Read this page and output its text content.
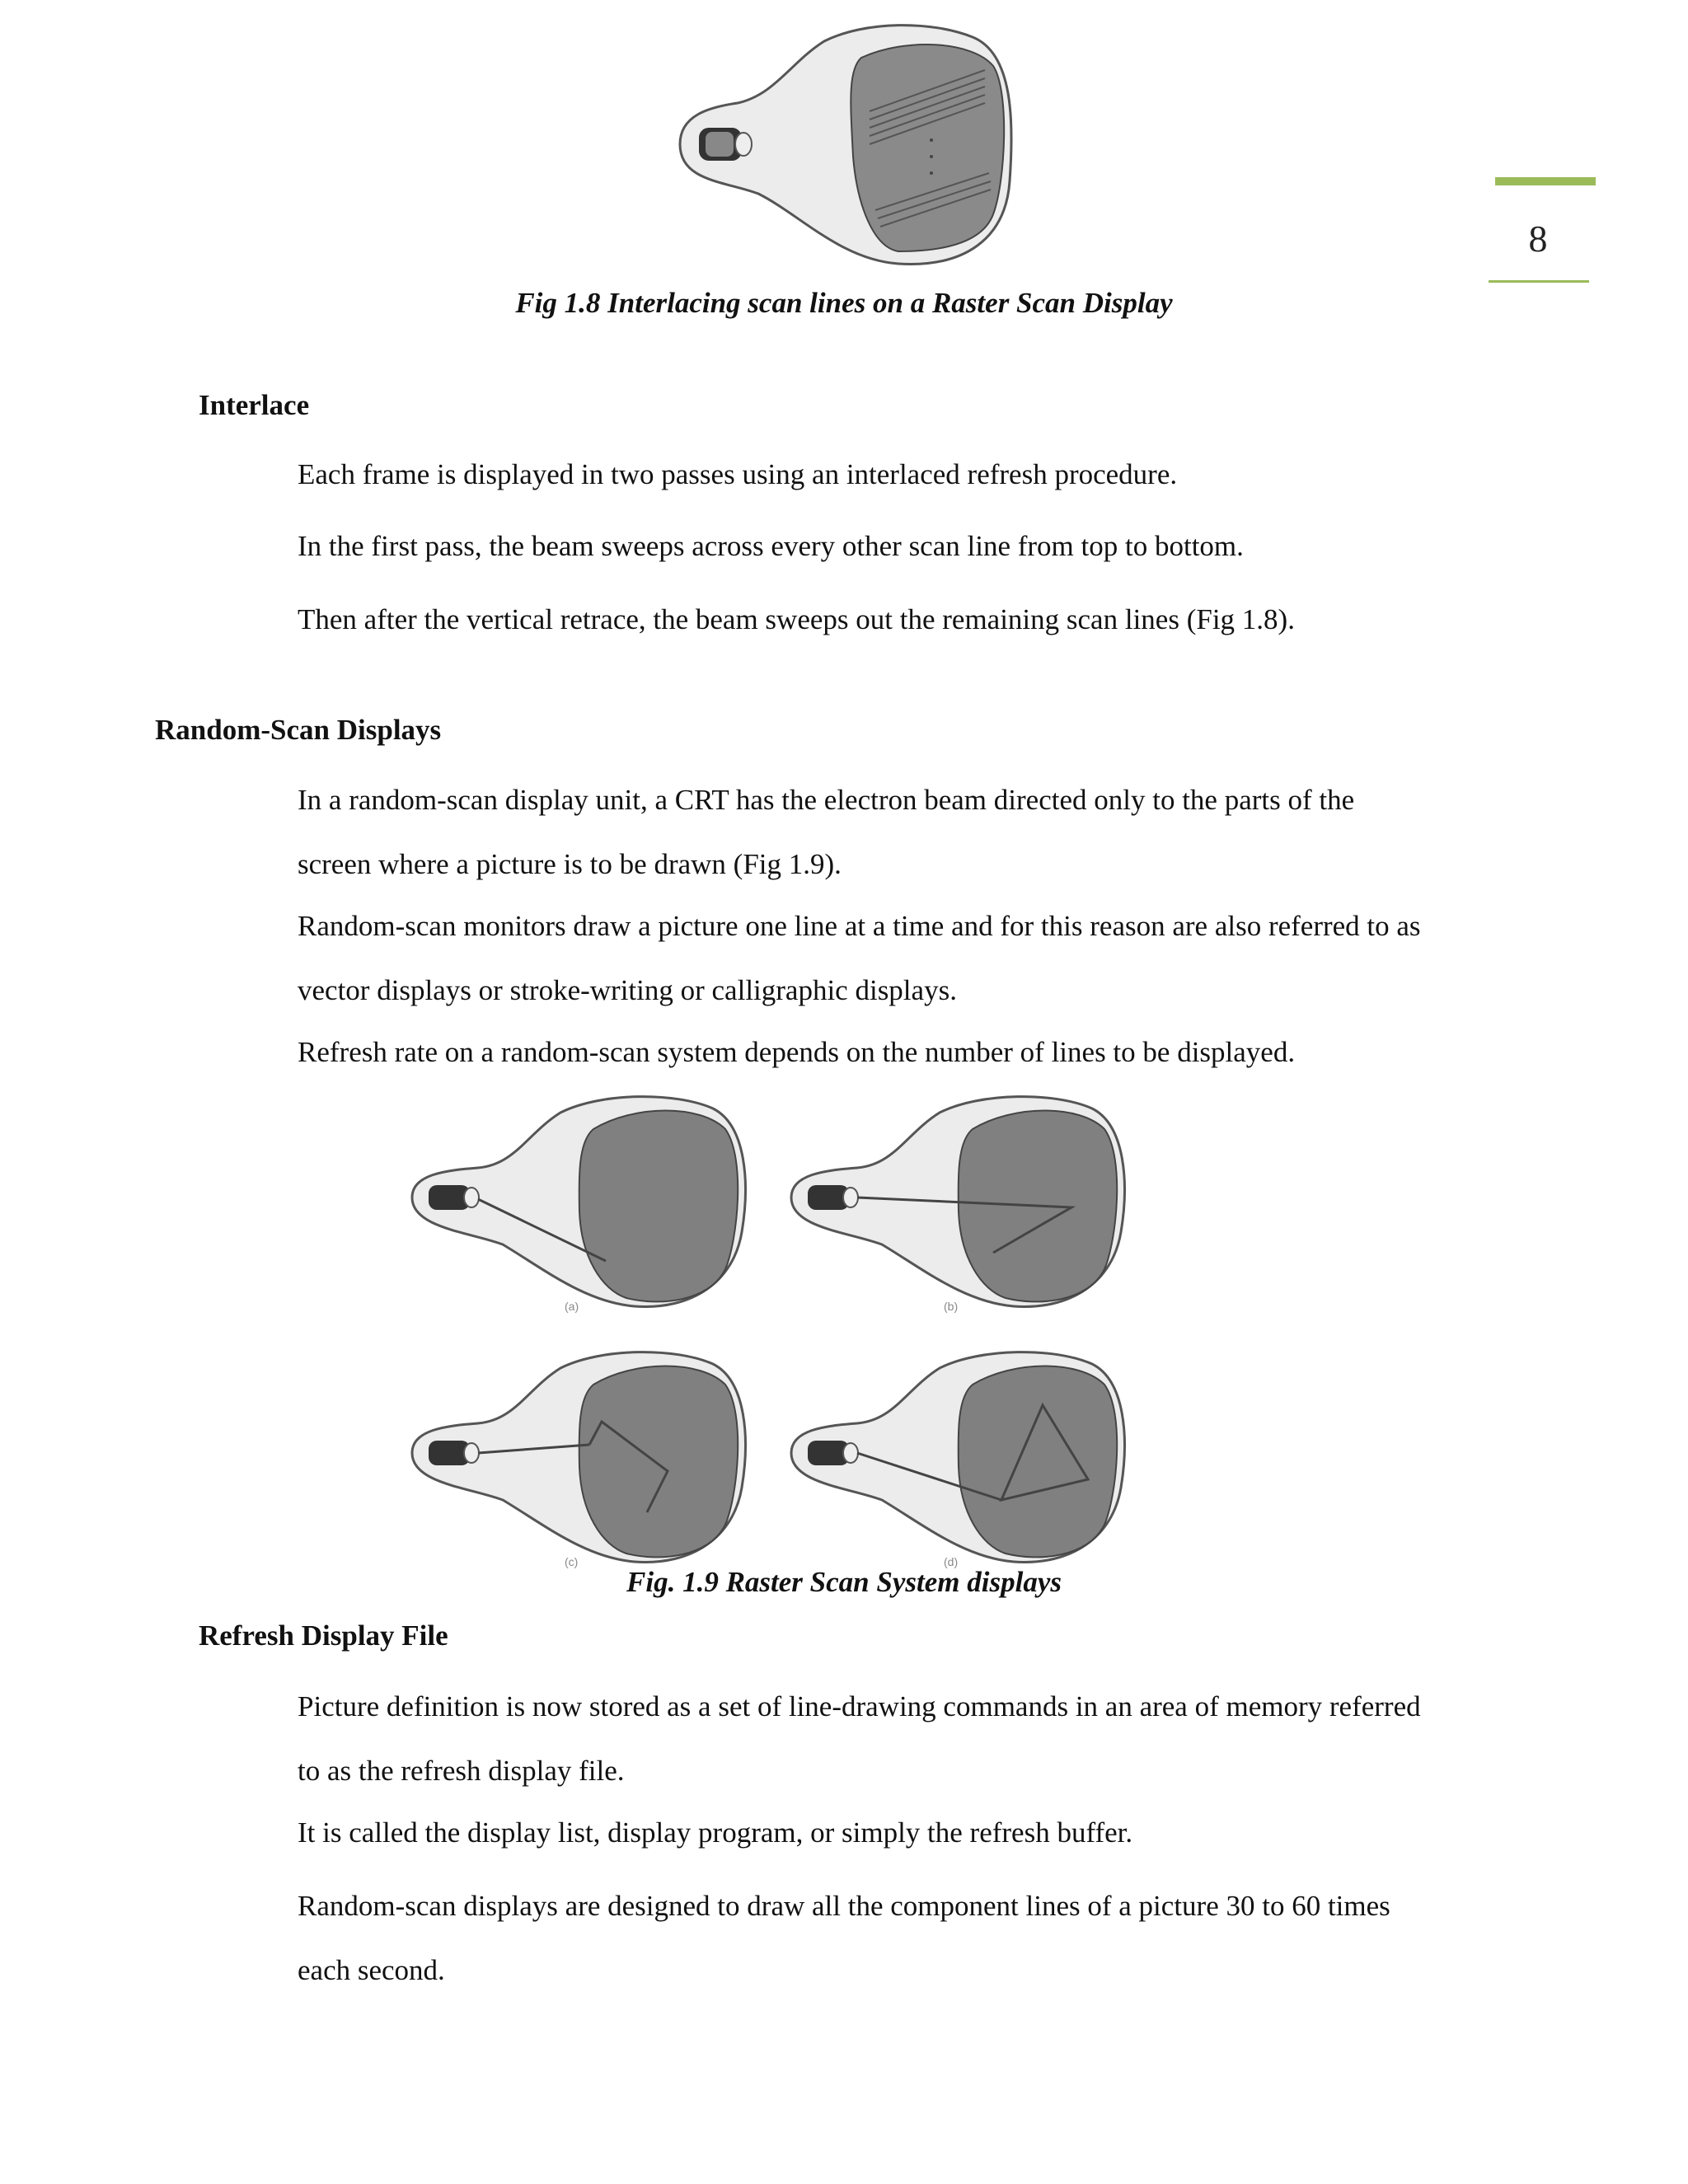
8
Fig 1.8 Interlacing scan lines on a Raster Scan Display
Interlace
Each frame is displayed in two passes using an interlaced refresh procedure.
In the first pass, the beam sweeps across every other scan line from top to bottom.
Then after the vertical retrace, the beam sweeps out the remaining scan lines (Fig 1.8).
Random-Scan Displays
In a random-scan display unit, a CRT has the electron beam directed only to the parts of the
screen where a picture is to be drawn (Fig 1.9).
Random-scan monitors draw a picture one line at a time and for this reason are also referred to as
vector displays or stroke-writing or calligraphic displays.
Refresh rate on a random-scan system depends on the number of lines to be displayed.
(a)	(b)
(c)	(d)
Fig. 1.9 Raster Scan System displays
Refresh Display File
Picture definition is now stored as a set of line-drawing commands in an area of memory referred
to as the refresh display file.
It is called the display list, display program, or simply the refresh buffer.
Random-scan displays are designed to draw all the component lines of a picture 30 to 60 times
each second.
